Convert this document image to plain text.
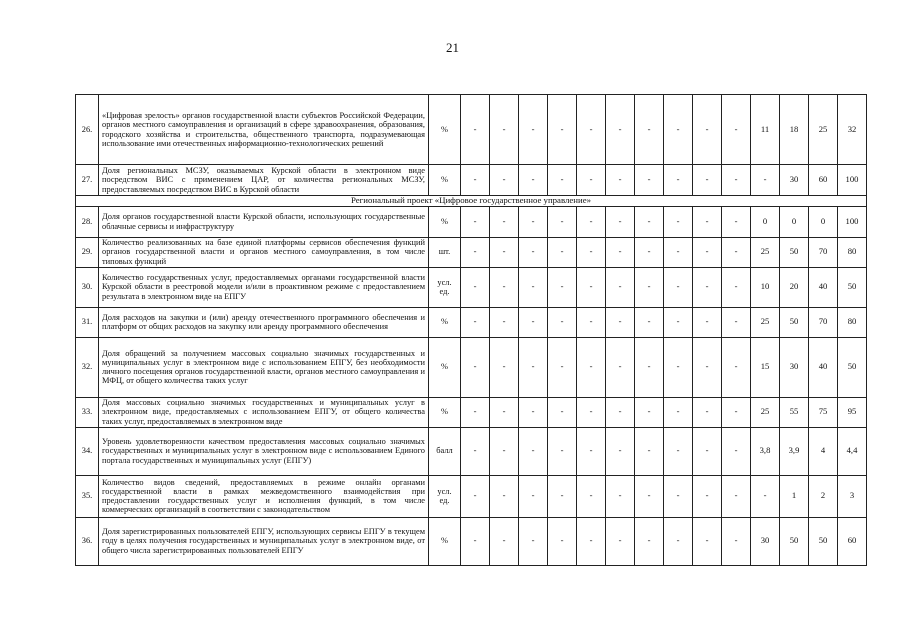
21
26.	«Цифровая зрелость» органов государственной власти субъектов Российской Федерации, органов местного самоуправления и организаций в сфере здравоохранения, образования, городского хозяйства и строительства, общественного транспорта, подразумевающая использование ими отечественных информационно-технологических решений	%	-	-	-	-	-	-	-	-	-	-	11	18	25	32
27.	Доля региональных МСЗУ, оказываемых Курской области в электронном виде посредством ВИС с применением ЦАР, от количества региональных МСЗУ, предоставляемых посредством ВИС в Курской области	%	-	-	-	-	-	-	-	-	-	-	-	30	60	100
Региональный проект «Цифровое государственное управление»																
28.	Доля органов государственной власти Курской области, использующих государственные облачные сервисы и инфраструктуру	%	-	-	-	-	-	-	-	-	-	-	0	0	0	100
29.	Количество реализованных на базе единой платформы сервисов обеспечения функций органов государственной власти и органов местного самоуправления, в том числе типовых функций	шт.	-	-	-	-	-	-	-	-	-	-	25	50	70	80
30.	Количество государственных услуг, предоставляемых органами государственной власти Курской области в реестровой модели и/или в проактивном режиме с предоставлением результата в электронном виде на ЕПГУ	усл. ед.	-	-	-	-	-	-	-	-	-	-	10	20	40	50
31.	Доля расходов на закупки и (или) аренду отечественного программного обеспечения и платформ от общих расходов на закупку или аренду программного обеспечения	%	-	-	-	-	-	-	-	-	-	-	25	50	70	80
32.	Доля обращений за получением массовых социально значимых государственных и муниципальных услуг в электронном виде с использованием ЕПГУ, без необходимости личного посещения органов государственной власти, органов местного самоуправления и МФЦ, от общего количества таких услуг	%	-	-	-	-	-	-	-	-	-	-	15	30	40	50
33.	Доля массовых социально значимых государственных и муниципальных услуг в электронном виде, предоставляемых с использованием ЕПГУ, от общего количества таких услуг, предоставляемых в электронном виде	%	-	-	-	-	-	-	-	-	-	-	25	55	75	95
34.	Уровень удовлетворенности качеством предоставления массовых социально значимых государственных и муниципальных услуг в электронном виде с использованием Единого портала государственных и муниципальных услуг (ЕПГУ)	балл	-	-	-	-	-	-	-	-	-	-	3,8	3,9	4	4,4
35.	Количество видов сведений, предоставляемых в режиме онлайн органами государственной власти в рамках межведомственного взаимодействия при предоставлении государственных услуг и исполнения функций, в том числе коммерческих организаций в соответствии с законодательством	усл. ед.	-	-	-	-	-	-	-	-	-	-	-	1	2	3
36.	Доля зарегистрированных пользователей ЕПГУ, использующих сервисы ЕПГУ в текущем году в целях получения государственных и муниципальных услуг в электронном виде, от общего числа зарегистрированных пользователей ЕПГУ	%	-	-	-	-	-	-	-	-	-	-	30	50	50	60
